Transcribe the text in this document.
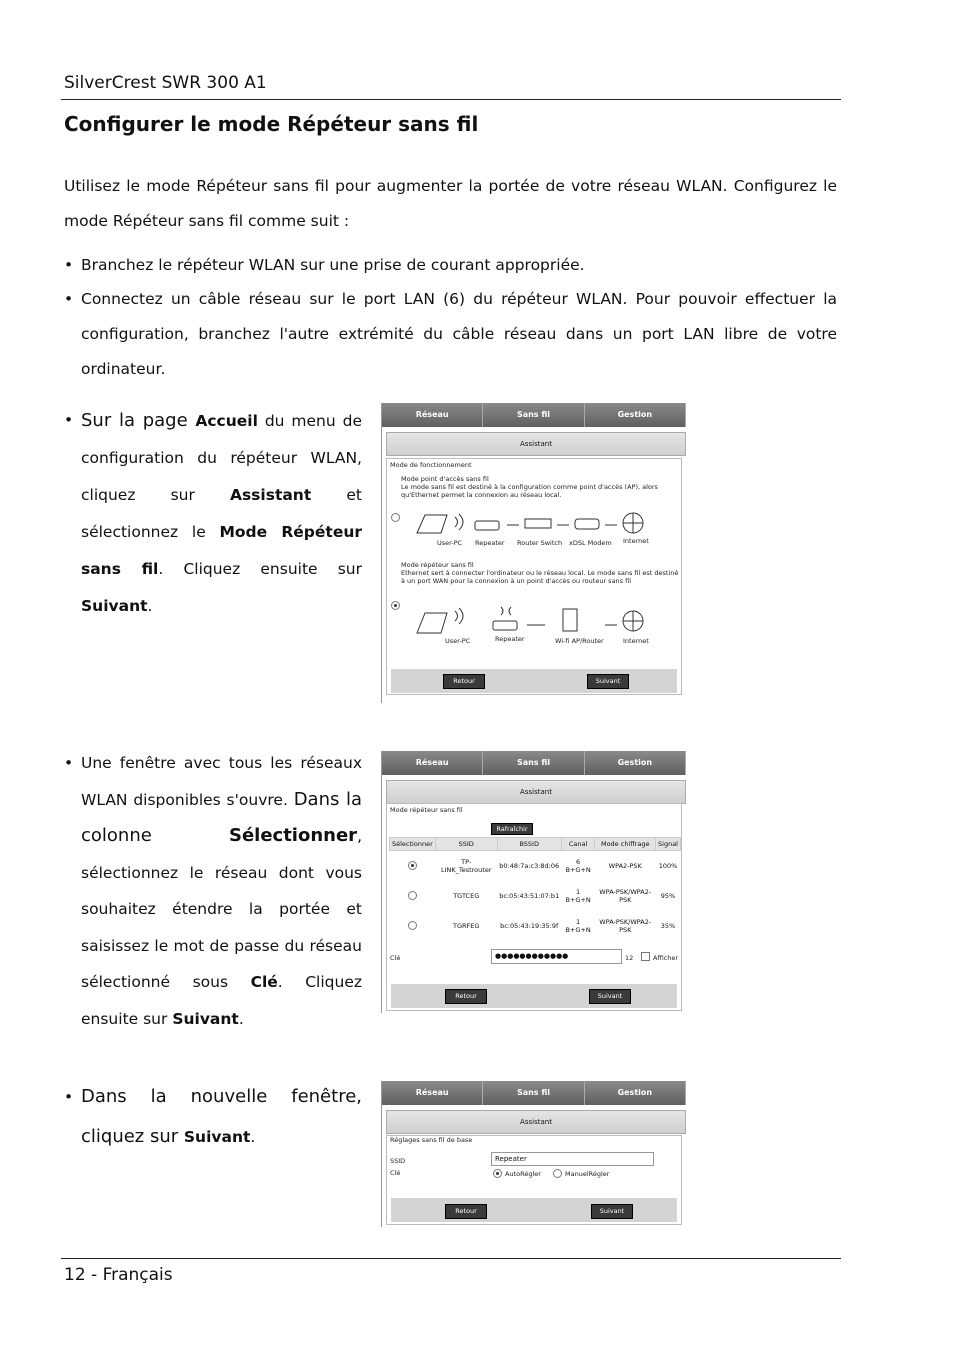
SilverCrest SWR 300 A1
Configurer le mode Répéteur sans fil
Utilisez le mode Répéteur sans fil pour augmenter la portée de votre réseau WLAN. Configurez le mode Répéteur sans fil comme suit :
• Branchez le répéteur WLAN sur une prise de courant appropriée.
• Connectez un câble réseau sur le port LAN (6) du répéteur WLAN. Pour pouvoir effectuer la configuration, branchez l'autre extrémité du câble réseau dans un port LAN libre de votre ordinateur.
• Sur la page Accueil du menu de configuration du répéteur WLAN, cliquez sur Assistant et sélectionnez le Mode Répéteur sans fil. Cliquez ensuite sur Suivant.
Réseau	Sans fil	Gestion
Assistant
Mode de fonctionnement
Mode point d'accès sans fil
Le mode sans fil est destiné à la configuration comme point d'accès (AP), alors qu'Ethernet permet la connexion au réseau local.
User-PC Repeater Router Switch xDSL Modem Internet
Mode répéteur sans fil
Ethernet sert à connecter l'ordinateur ou le réseau local. Le mode sans fil est destiné à un port WAN pour la connexion à un point d'accès ou routeur sans fil
User-PC	Repeater	Wi-fi AP/Router	Internet
Retour	Suivant
• Une fenêtre avec tous les réseaux WLAN disponibles s'ouvre. Dans la colonne Sélectionner, sélectionnez le réseau dont vous souhaitez étendre la portée et saisissez le mot de passe du réseau sélectionné sous Clé. Cliquez ensuite sur Suivant.
Réseau	Sans fil	Gestion
Assistant
Mode répéteur sans fil
Rafraîchir
Sélectionner	SSID	BSSID	Canal	Mode chiffrage	Signal
	TP-LINK_Testrouter	b0:48:7a:c3:8d:06	6 B+G+N	WPA2-PSK	100%
	TGTCEG	bc:05:43:51:07:b1	1 B+G+N	WPA-PSK/WPA2-PSK	95%
	TGRFEG	bc:05:43:19:35:9f	1 B+G+N	WPA-PSK/WPA2-PSK	35%
Clé	●●●●●●●●●●●●	12	Afficher
Retour	Suivant
• Dans la nouvelle fenêtre, cliquez sur Suivant.
Réseau	Sans fil	Gestion
Assistant
Réglages sans fil de base
SSID	Repeater
Clé	AutoRégler	ManuelRégler
Retour	Suivant
12 - Français
